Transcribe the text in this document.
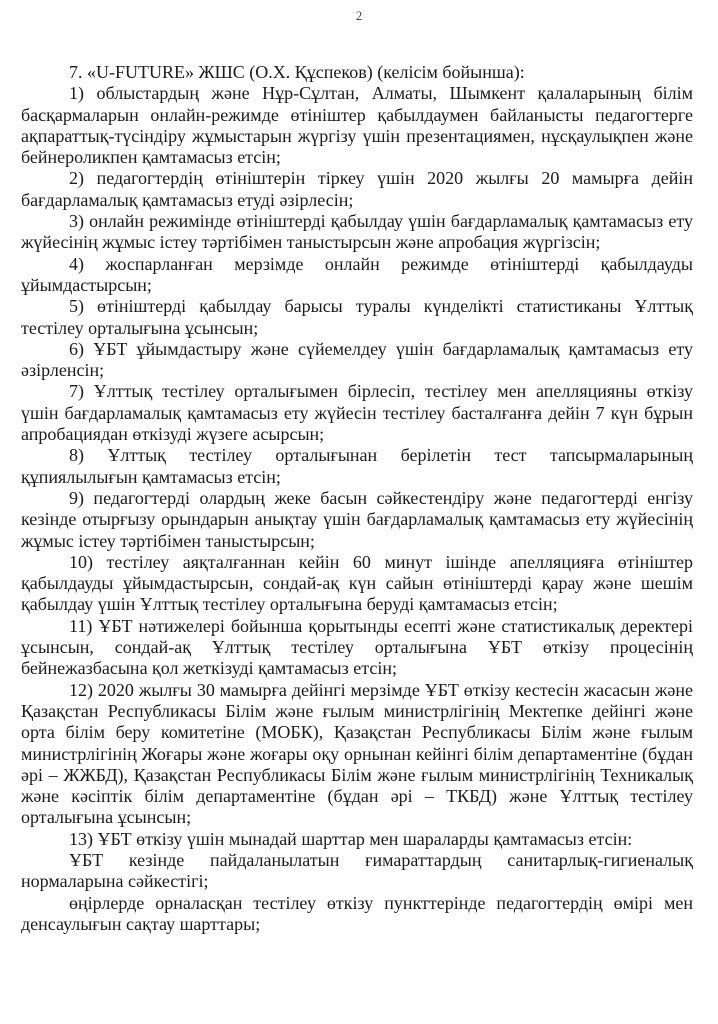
2

7. «U-FUTURE» ЖШС (О.Х. Құспеков) (келісім бойынша):

1) облыстардың және Нұр-Сұлтан, Алматы, Шымкент қалаларының білім басқармаларын онлайн-режимде өтініштер қабылдаумен байланысты педагогтерге ақпараттық-түсіндіру жұмыстарын жүргізу үшін презентациямен, нұсқаулықпен және бейнероликпен қамтамасыз етсін;

2) педагогтердің өтініштерін тіркеу үшін 2020 жылғы 20 мамырға дейін бағдарламалық қамтамасыз етуді әзірлесін;

3) онлайн режимінде өтініштерді қабылдау үшін бағдарламалық қамтамасыз ету жүйесінің жұмыс істеу тәртібімен таныстырсын және апробация жүргізсін;

4) жоспарланған мерзімде онлайн режимде өтініштерді қабылдауды ұйымдастырсын;

5) өтініштерді қабылдау барысы туралы күнделікті статистиканы Ұлттық тестілеу орталығына ұсынсын;

6) ҰБТ ұйымдастыру және сүйемелдеу үшін бағдарламалық қамтамасыз ету әзірленсін;

7) Ұлттық тестілеу орталығымен бірлесіп, тестілеу мен апелляцияны өткізу үшін бағдарламалық қамтамасыз ету жүйесін тестілеу басталғанға дейін 7 күн бұрын апробациядан өткізуді жүзеге асырсын;

8) Ұлттық тестілеу орталығынан берілетін тест тапсырмаларының құпиялылығын қамтамасыз етсін;

9) педагогтерді олардың жеке басын сәйкестендіру және педагогтерді енгізу кезінде отырғызу орындарын анықтау үшін бағдарламалық қамтамасыз ету жүйесінің жұмыс істеу тәртібімен таныстырсын;

10) тестілеу аяқталғаннан кейін 60 минут ішінде апелляцияға өтініштер қабылдауды ұйымдастырсын, сондай-ақ күн сайын өтініштерді қарау және шешім қабылдау үшін Ұлттық тестілеу орталығына беруді қамтамасыз етсін;

11) ҰБТ нәтижелері бойынша қорытынды есепті және статистикалық деректері ұсынсын, сондай-ақ Ұлттық тестілеу орталығына ҰБТ өткізу процесінің бейнежазбасына қол жеткізуді қамтамасыз етсін;

12) 2020 жылғы 30 мамырға дейінгі мерзімде ҰБТ өткізу кестесін жасасын және Қазақстан Республикасы Білім және ғылым министрлігінің Мектепке дейінгі және орта білім беру комитетіне (МОБК), Қазақстан Республикасы Білім және ғылым министрлігінің Жоғары және жоғары оқу орнынан кейінгі білім департаментіне (бұдан әрі – ЖЖБД), Қазақстан Республикасы Білім және ғылым министрлігінің Техникалық және кәсіптік білім департаментіне (бұдан әрі – ТКБД) және Ұлттық тестілеу орталығына ұсынсын;

13) ҰБТ өткізу үшін мынадай шарттар мен шараларды қамтамасыз етсін:

ҰБТ кезінде пайдаланылатын ғимараттардың санитарлық-гигиеналық нормаларына сәйкестігі;

өңірлерде орналасқан тестілеу өткізу пункттерінде педагогтердің өмірі мен денсаулығын сақтау шарттары;
